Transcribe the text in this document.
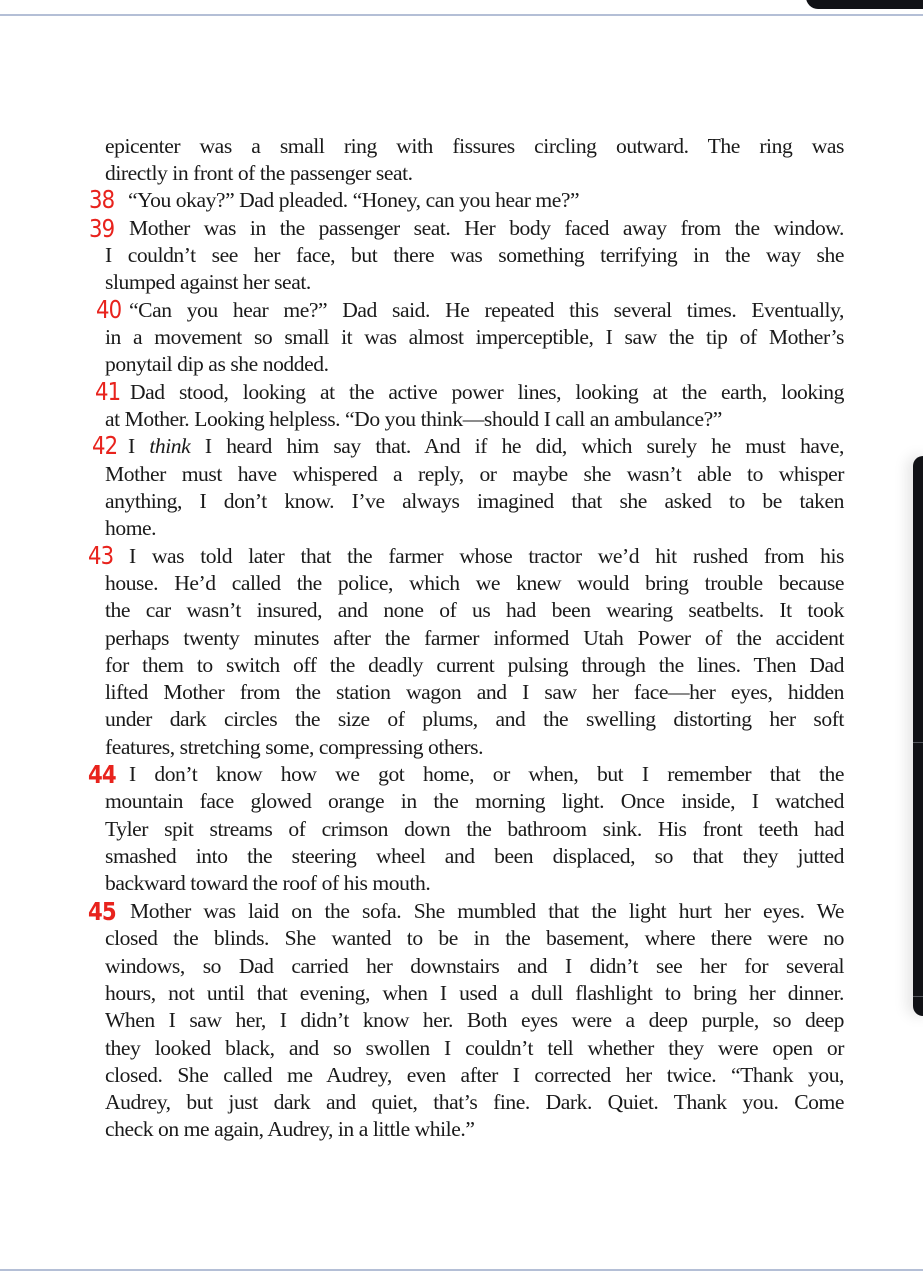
epicenter was a small ring with fissures circling outward. The ring was
directly in front of the passenger seat.
38 “You okay?” Dad pleaded. “Honey, can you hear me?”
39 Mother was in the passenger seat. Her body faced away from the window.
I couldn’t see her face, but there was something terrifying in the way she
slumped against her seat.
40 “Can you hear me?” Dad said. He repeated this several times. Eventually,
in a movement so small it was almost imperceptible, I saw the tip of Mother’s
ponytail dip as she nodded.
41 Dad stood, looking at the active power lines, looking at the earth, looking
at Mother. Looking helpless. “Do you think—should I call an ambulance?”
42 I think I heard him say that. And if he did, which surely he must have,
Mother must have whispered a reply, or maybe she wasn’t able to whisper
anything, I don’t know. I’ve always imagined that she asked to be taken
home.
43 I was told later that the farmer whose tractor we’d hit rushed from his
house. He’d called the police, which we knew would bring trouble because
the car wasn’t insured, and none of us had been wearing seatbelts. It took
perhaps twenty minutes after the farmer informed Utah Power of the accident
for them to switch off the deadly current pulsing through the lines. Then Dad
lifted Mother from the station wagon and I saw her face—her eyes, hidden
under dark circles the size of plums, and the swelling distorting her soft
features, stretching some, compressing others.
44 I don’t know how we got home, or when, but I remember that the
mountain face glowed orange in the morning light. Once inside, I watched
Tyler spit streams of crimson down the bathroom sink. His front teeth had
smashed into the steering wheel and been displaced, so that they jutted
backward toward the roof of his mouth.
45 Mother was laid on the sofa. She mumbled that the light hurt her eyes. We
closed the blinds. She wanted to be in the basement, where there were no
windows, so Dad carried her downstairs and I didn’t see her for several
hours, not until that evening, when I used a dull flashlight to bring her dinner.
When I saw her, I didn’t know her. Both eyes were a deep purple, so deep
they looked black, and so swollen I couldn’t tell whether they were open or
closed. She called me Audrey, even after I corrected her twice. “Thank you,
Audrey, but just dark and quiet, that’s fine. Dark. Quiet. Thank you. Come
check on me again, Audrey, in a little while.”
